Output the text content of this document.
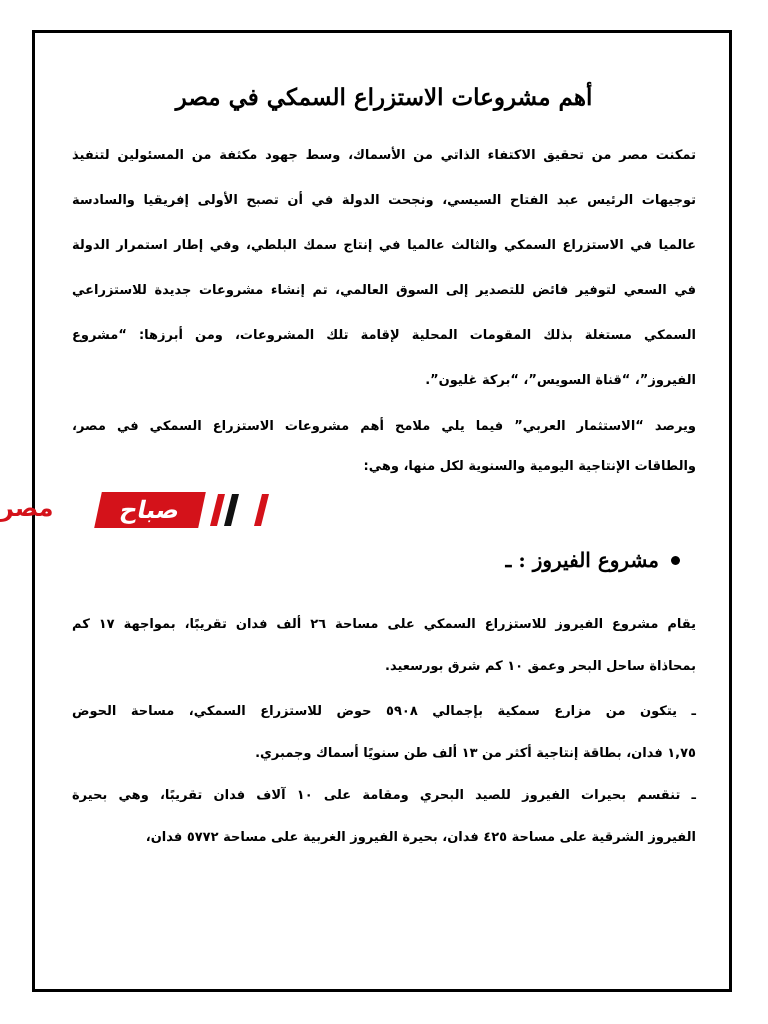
أهم مشروعات الاستزراع السمكي في مصر

تمكنت مصر من تحقيق الاكتفاء الذاتي من الأسماك، وسط جهود مكثفة من المسئولين لتنفيذ
توجيهات الرئيس عبد الفتاح السيسي، ونجحت الدولة في أن تصبح الأولى إفريقيا والسادسة
عالميا في الاستزراع السمكي والثالث عالميا في إنتاج سمك البلطي، وفي إطار استمرار الدولة
في السعي لتوفير فائض للتصدير إلى السوق العالمي، تم إنشاء مشروعات جديدة للاستزراعي
السمكي مستغلة بذلك المقومات المحلية لإقامة تلك المشروعات، ومن أبرزها: “مشروع
الفيروز”، “قناة السويس”، “بركة غليون”.

ويرصد “الاستثمار العربي” فيما يلي ملامح أهم مشروعات الاستزراع السمكي في مصر،
والطاقات الإنتاجية اليومية والسنوية لكل منها، وهي:

مصر	صباح
مشروع الفيروز : ـ

يقام مشروع الفيروز للاستزراع السمكي على مساحة ٢٦ ألف فدان تقريبًا، بمواجهة ١٧ كم
بمحاذاة ساحل البحر وعمق ١٠ كم شرق بورسعيد.

ـ يتكون من مزارع سمكية بإجمالي ٥٩٠٨ حوض للاستزراع السمكي، مساحة الحوض
١,٧٥ فدان، بطاقة إنتاجية أكثر من ١٣ ألف طن سنويًا أسماك وجمبري.

ـ تنقسم بحيرات الفيروز للصيد البحري ومقامة على ١٠ آلاف فدان تقريبًا، وهي بحيرة
الفيروز الشرقية على مساحة ٤٢٥ فدان، بحيرة الفيروز الغربية على مساحة ٥٧٧٢ فدان،
